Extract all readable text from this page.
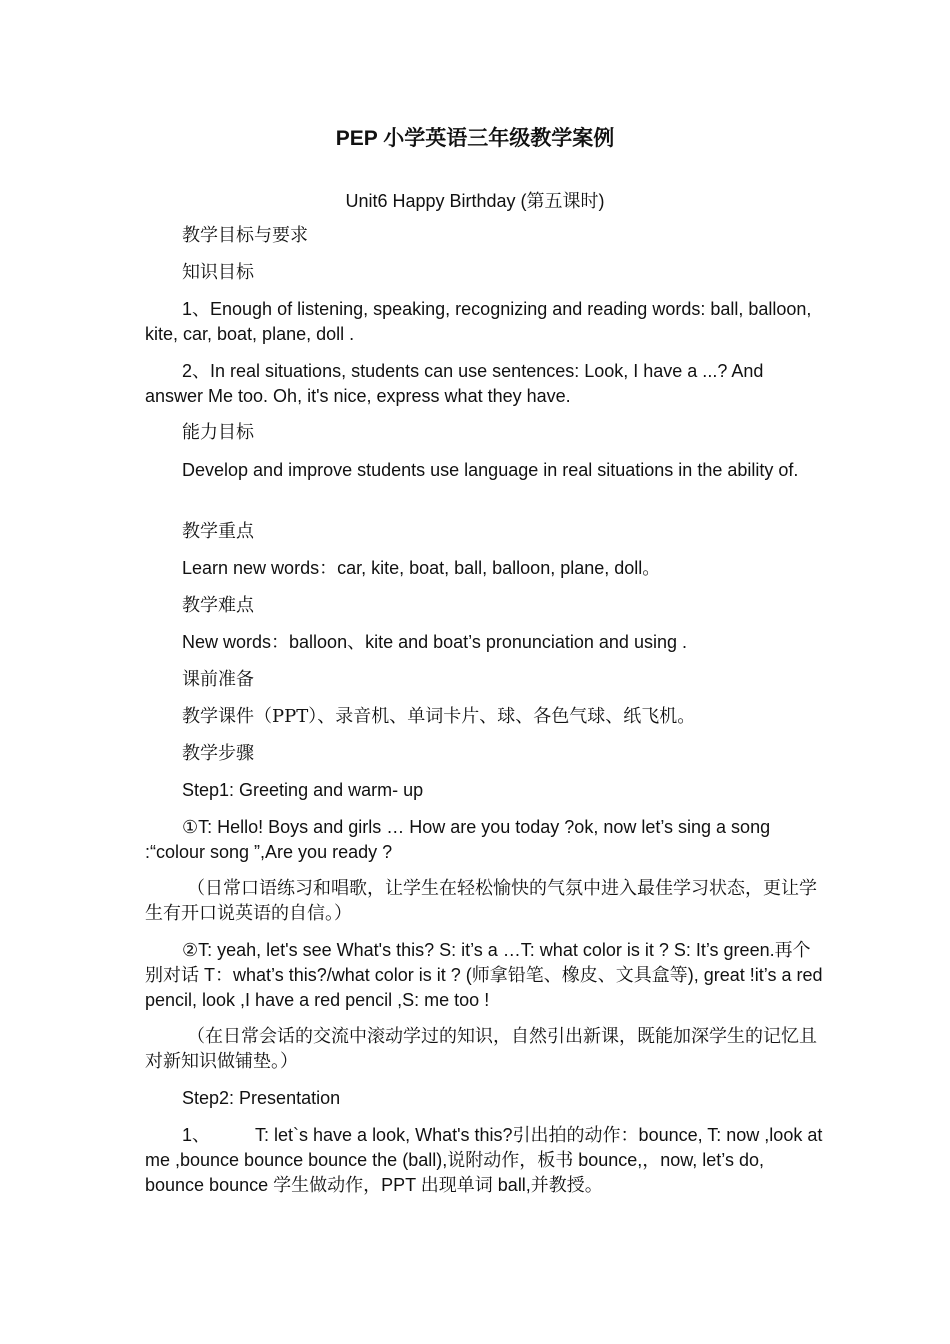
PEP 小学英语三年级教学案例
Unit6 Happy Birthday (第五课时)
教学目标与要求
知识目标
1、Enough of listening, speaking, recognizing and reading words: ball, balloon, kite, car, boat, plane, doll .
2、In real situations, students can use sentences: Look, I have a ...? And answer Me too. Oh, it's nice, express what they have.
能力目标
Develop and improve students use language in real situations in the ability of.
教学重点
Learn new words：car, kite, boat, ball, balloon, plane, doll。
教学难点
New words：balloon、kite and boat’s pronunciation and using .
课前准备
教学课件（PPT）、录音机、单词卡片、球、各色气球、纸飞机。
教学步骤
Step1: Greeting and warm- up
①T: Hello! Boys and girls … How are you today ?ok, now let’s sing a song :“colour song ”,Are you ready ?
（日常口语练习和唱歌，让学生在轻松愉快的气氛中进入最佳学习状态，更让学生有开口说英语的自信。）
②T: yeah, let's see What's this? S: it’s a …T: what color is it ? S: It’s green.再个别对话 T：what’s this?/what color is it ? (师拿铅笔、橡皮、文具盒等), great !it’s a red pencil, look ,I have a red pencil ,S: me too !
（在日常会话的交流中滚动学过的知识，自然引出新课，既能加深学生的记忆且对新知识做铺垫。）
Step2: Presentation
1、　　　T: let`s have a look, What's this?引出拍的动作：bounce, T: now ,look at me ,bounce bounce bounce the (ball),说附动作，板书 bounce,，now, let’s do, bounce bounce 学生做动作，PPT 出现单词 ball,并教授。
